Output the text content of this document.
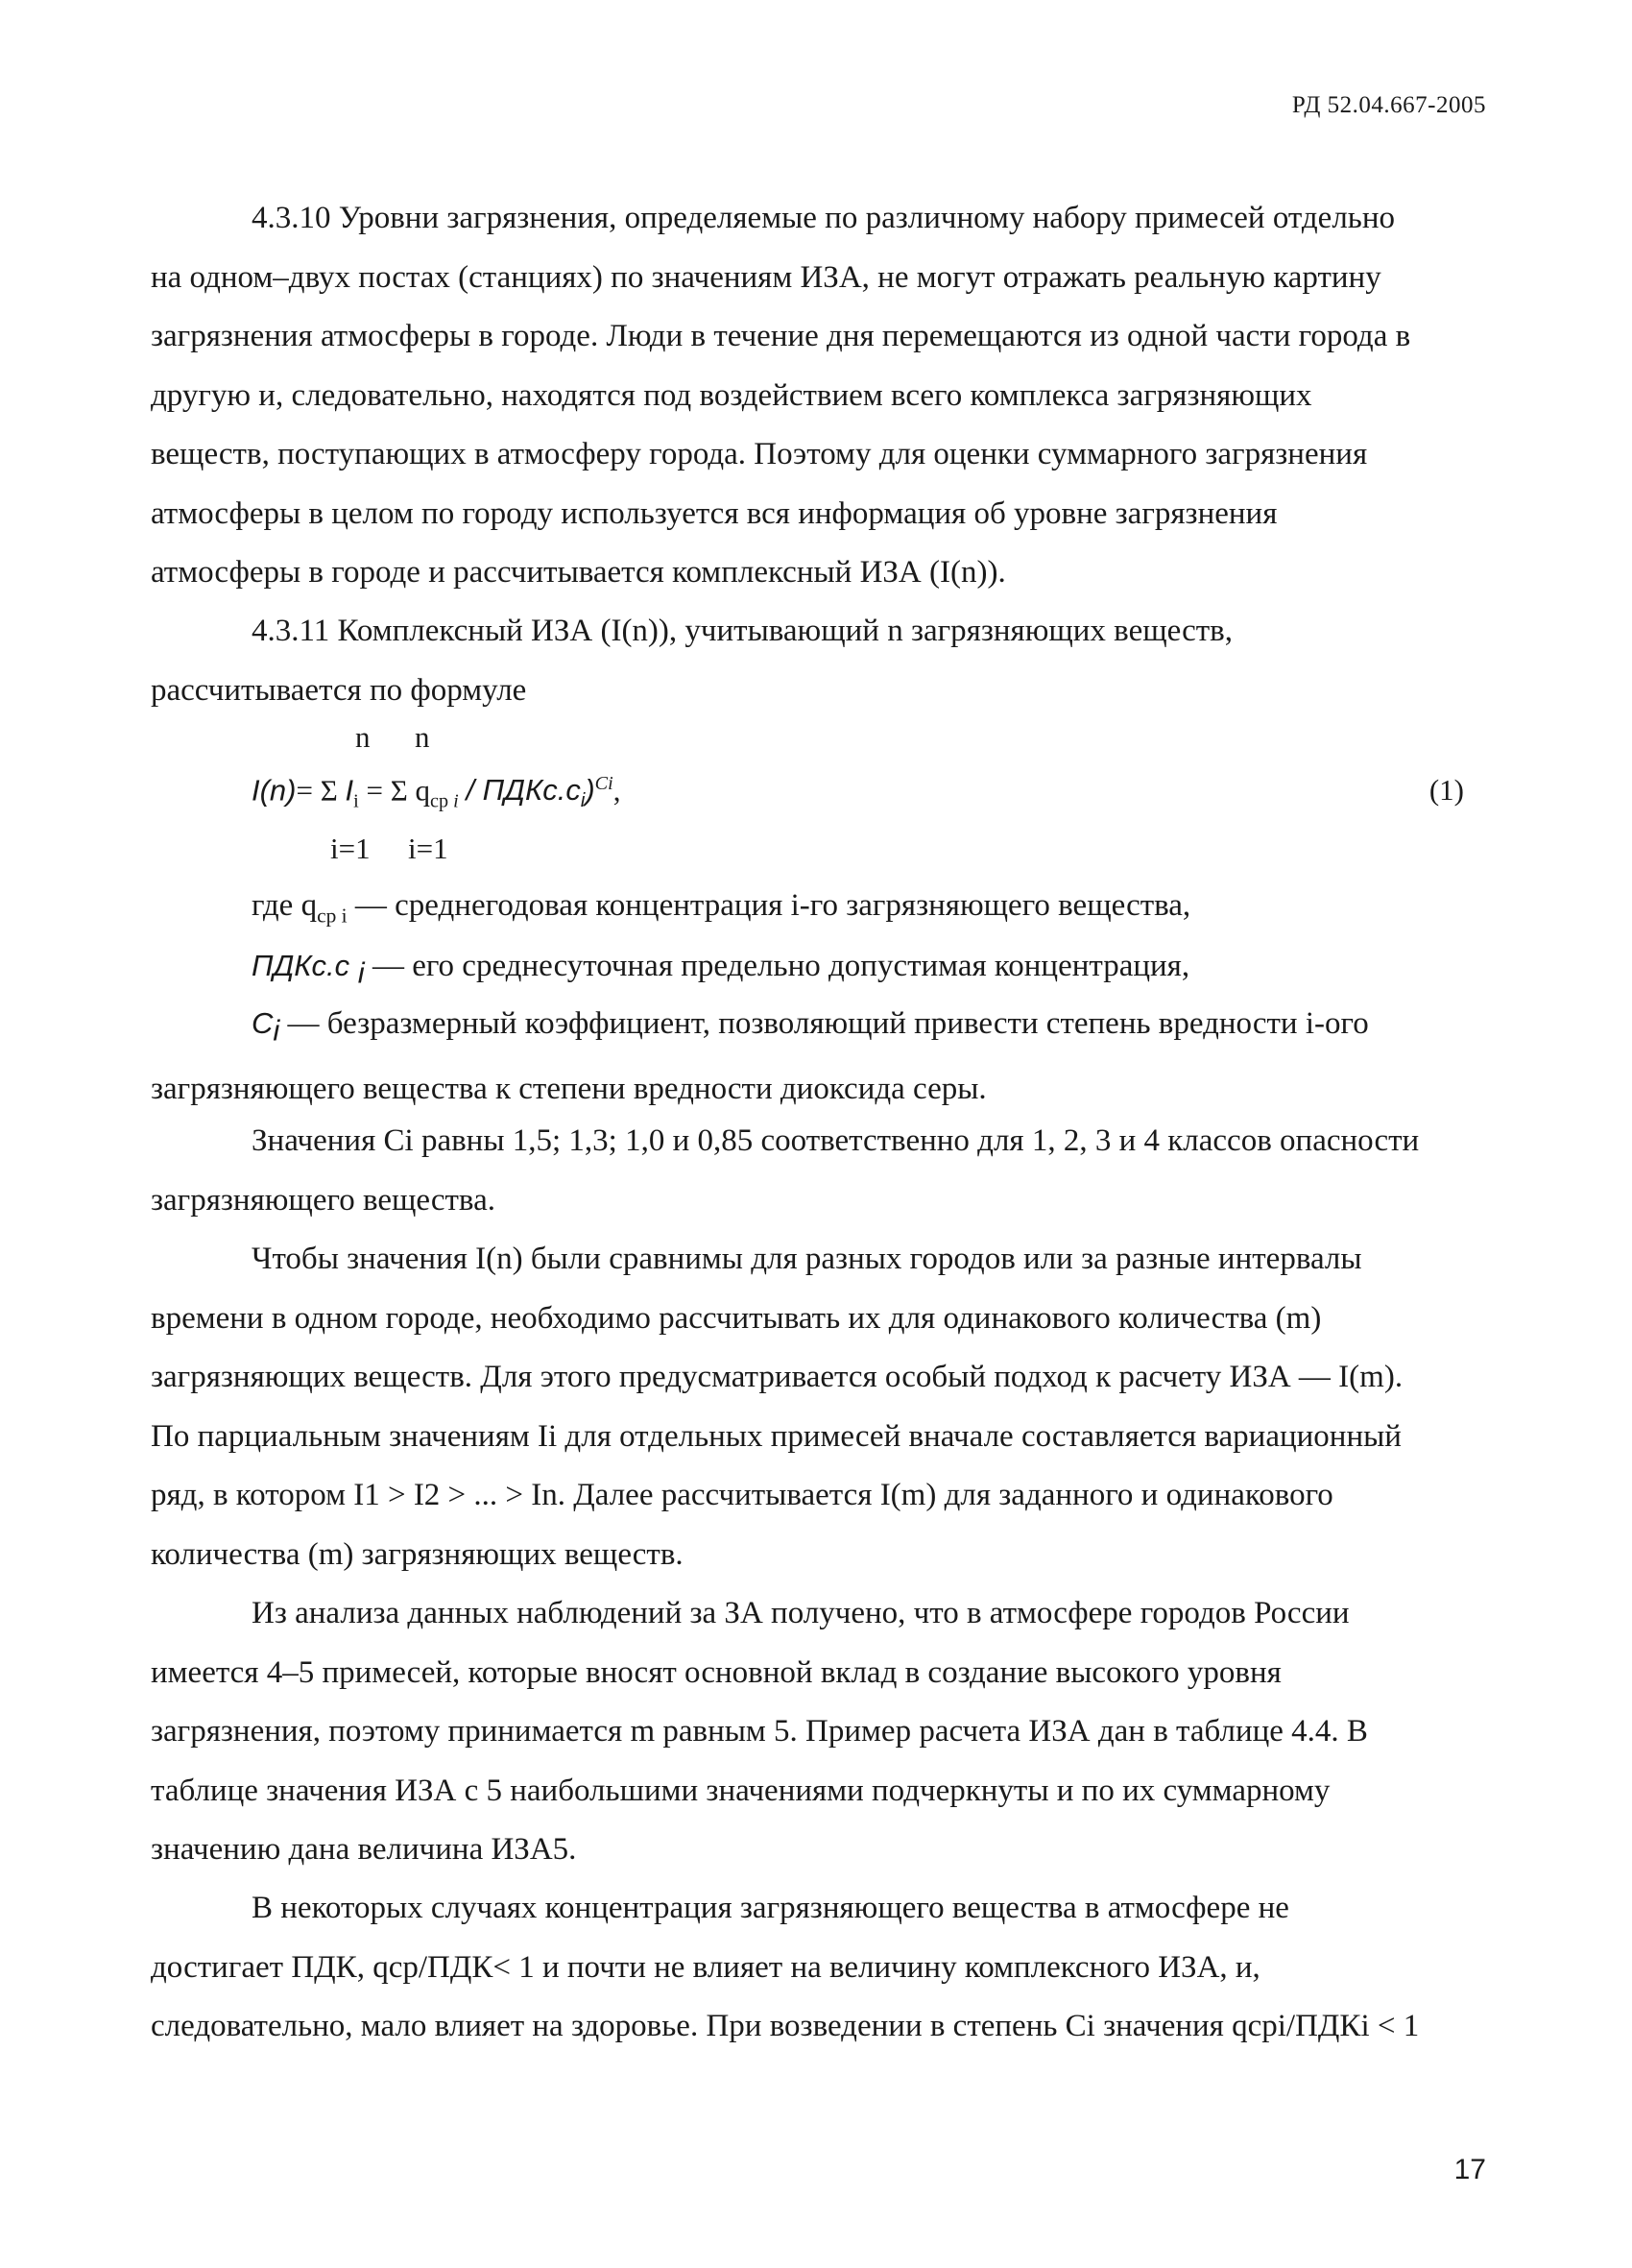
РД 52.04.667-2005
4.3.10 Уровни загрязнения, определяемые по различному набору примесей отдельно
на одном–двух постах (станциях) по значениям ИЗА, не могут отражать реальную картину
загрязнения атмосферы в городе. Люди в течение дня перемещаются из одной части города в
другую и, следовательно, находятся под воздействием всего комплекса загрязняющих
веществ, поступающих в атмосферу города. Поэтому для оценки суммарного загрязнения
атмосферы в целом по городу используется вся информация об уровне загрязнения
атмосферы в городе и рассчитывается комплексный ИЗА (I(n)).
4.3.11 Комплексный ИЗА (I(n)), учитывающий n загрязняющих веществ,
рассчитывается по формуле
n n
I(n)= Σ $I_i = \Sigma$ $q_{ср i}$ / $ПДКс.с_i)^{Ci}$,	(1)
i=1 i=1
где $q_{ср i}$ — среднегодовая концентрация i-го загрязняющего вещества,
ПДКс.с $_i$ — его среднесуточная предельно допустимая концентрация,
$C_i$ — безразмерный коэффициент, позволяющий привести степень вредности i-ого
загрязняющего вещества к степени вредности диоксида серы.
Значения Ci равны 1,5; 1,3; 1,0 и 0,85 соответственно для 1, 2, 3 и 4 классов опасности
загрязняющего вещества.
Чтобы значения I(n) были сравнимы для разных городов или за разные интервалы
времени в одном городе, необходимо рассчитывать их для одинакового количества (m)
загрязняющих веществ. Для этого предусматривается особый подход к расчету ИЗА — I(m).
По парциальным значениям Ii для отдельных примесей вначале составляется вариационный
ряд, в котором I1 > I2 > ... > In. Далее рассчитывается I(m) для заданного и одинакового
количества (m) загрязняющих веществ.
Из анализа данных наблюдений за ЗА получено, что в атмосфере городов России
имеется 4–5 примесей, которые вносят основной вклад в создание высокого уровня
загрязнения, поэтому принимается m равным 5. Пример расчета ИЗА дан в таблице 4.4. В
таблице значения ИЗА с 5 наибольшими значениями подчеркнуты и по их суммарному
значению дана величина ИЗА5.
В некоторых случаях концентрация загрязняющего вещества в атмосфере не
достигает ПДК, qср/ПДК< 1 и почти не влияет на величину комплексного ИЗА, и,
следовательно, мало влияет на здоровье. При возведении в степень Ci значения qсрi/ПДКi < 1
17
